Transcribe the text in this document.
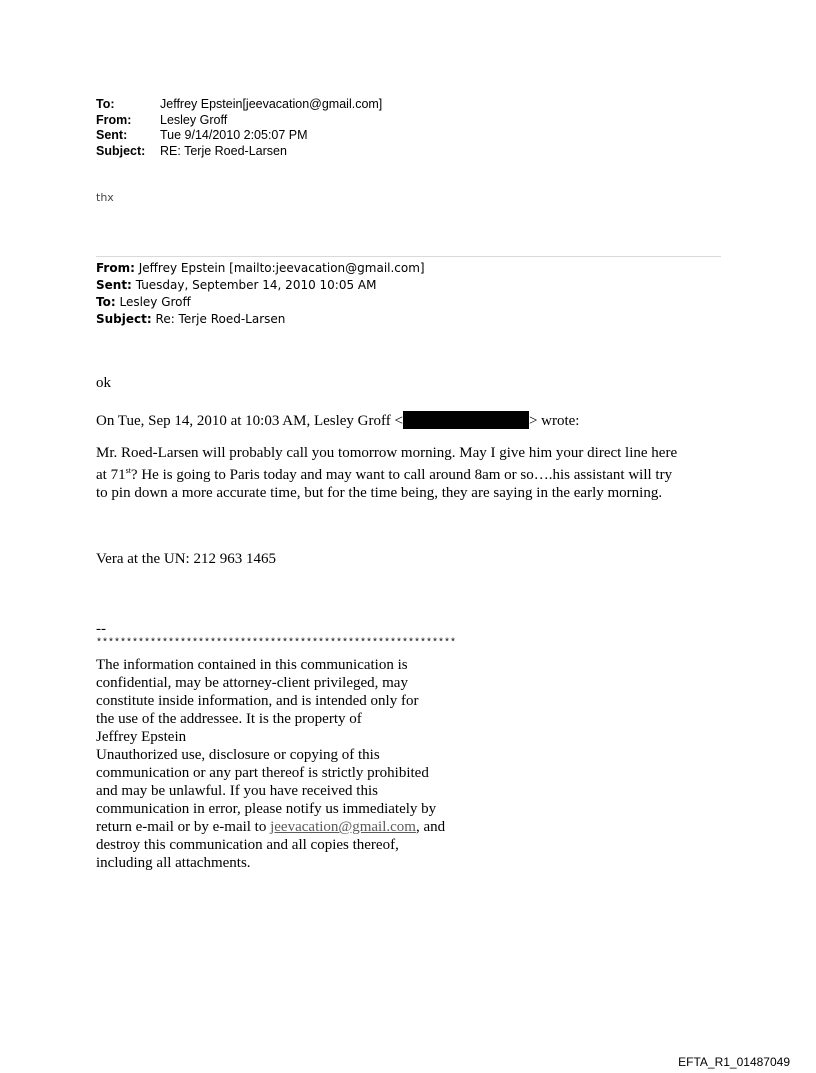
To:	Jeffrey Epstein[jeevacation@gmail.com]
From:	Lesley Groff
Sent:	Tue 9/14/2010 2:05:07 PM
Subject:	RE: Terje Roed-Larsen
thx
From: Jeffrey Epstein [mailto:jeevacation@gmail.com]
Sent: Tuesday, September 14, 2010 10:05 AM
To: Lesley Groff
Subject: Re: Terje Roed-Larsen
ok
On Tue, Sep 14, 2010 at 10:03 AM, Lesley Groff <	> wrote:
Mr. Roed-Larsen will probably call you tomorrow morning. May I give him your direct line here
at 71st? He is going to Paris today and may want to call around 8am or so….his assistant will try
to pin down a more accurate time, but for the time being, they are saying in the early morning.
Vera at the UN: 212 963 1465
--
************************************************************
The information contained in this communication is
confidential, may be attorney-client privileged, may
constitute inside information, and is intended only for
the use of the addressee. It is the property of
Jeffrey Epstein
Unauthorized use, disclosure or copying of this
communication or any part thereof is strictly prohibited
and may be unlawful. If you have received this
communication in error, please notify us immediately by
return e-mail or by e-mail to jeevacation@gmail.com, and
destroy this communication and all copies thereof,
including all attachments.
EFTA_R1_01487049
